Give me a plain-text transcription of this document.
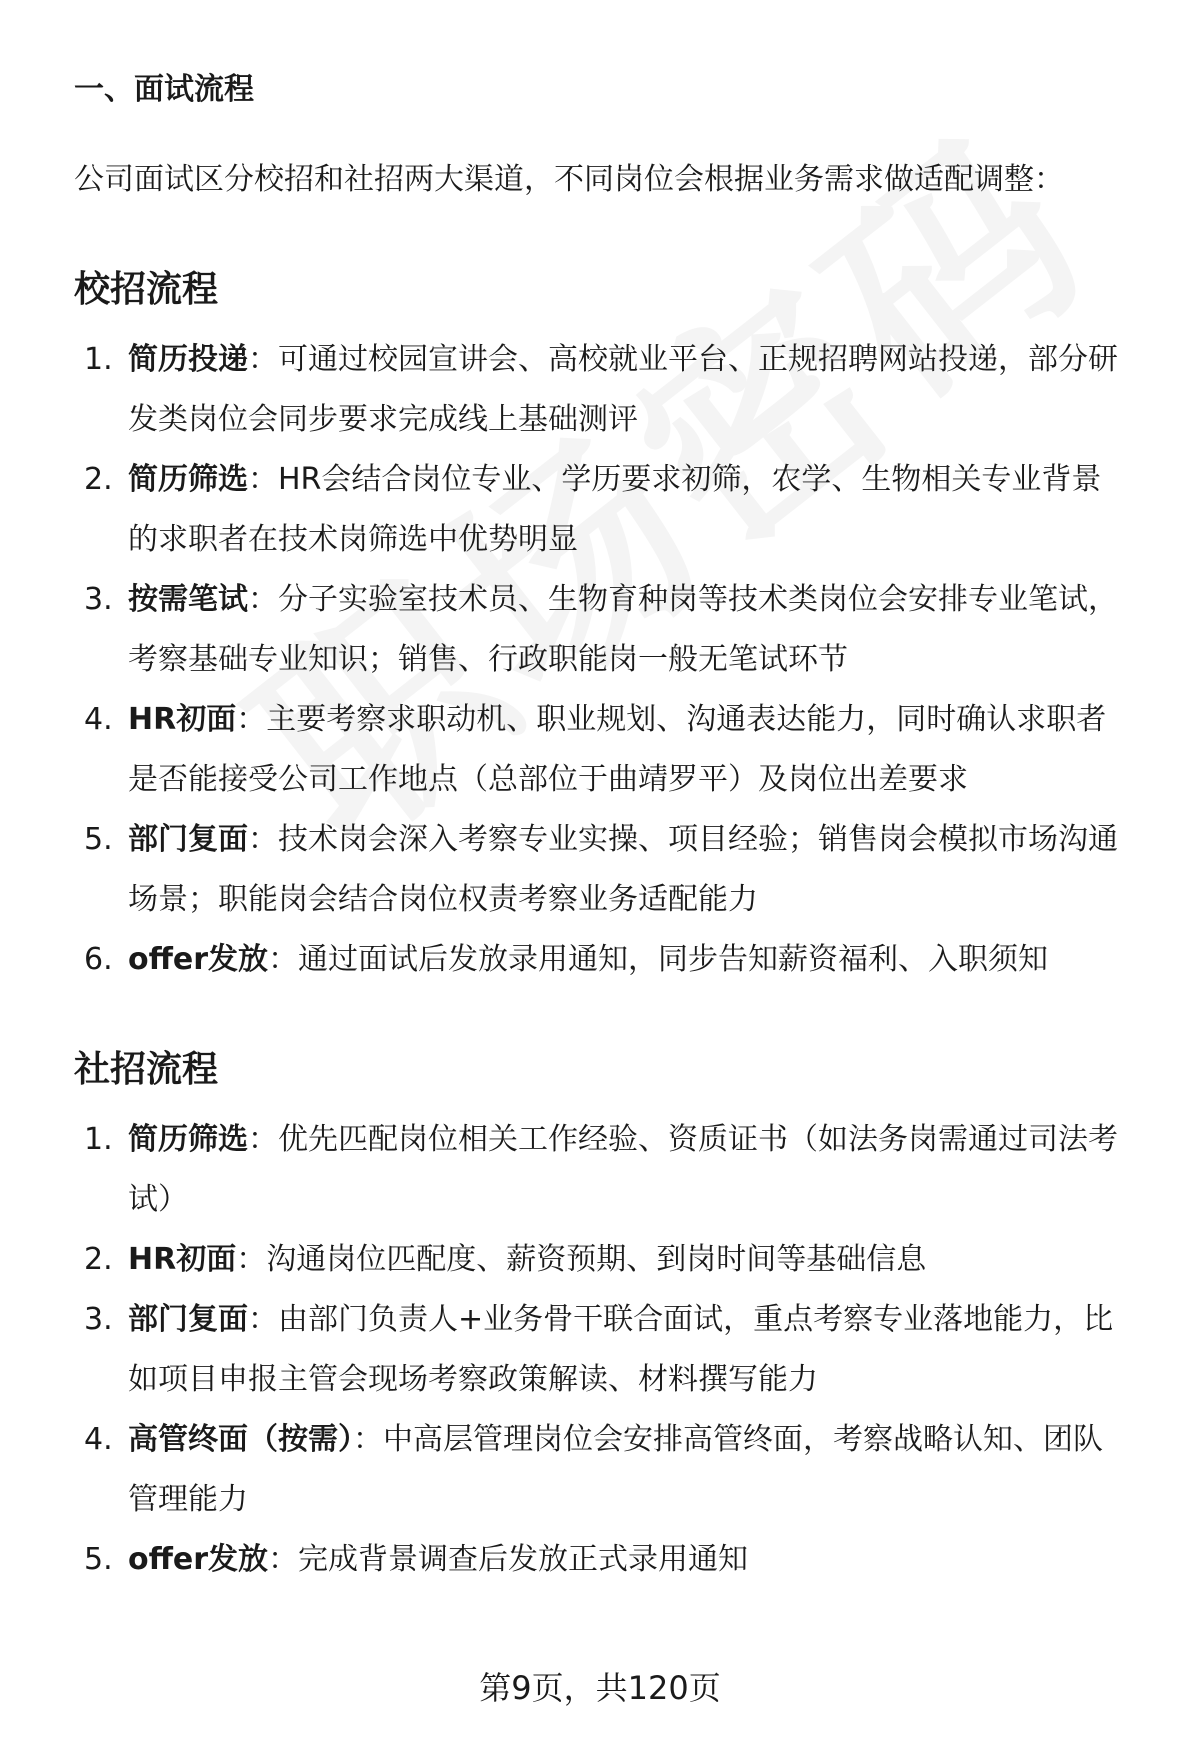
一、面试流程

公司面试区分校招和社招两大渠道，不同岗位会根据业务需求做适配调整：

校招流程
1. 简历投递：可通过校园宣讲会、高校就业平台、正规招聘网站投递，部分研发类岗位会同步要求完成线上基础测评
2. 简历筛选：HR会结合岗位专业、学历要求初筛，农学、生物相关专业背景的求职者在技术岗筛选中优势明显
3. 按需笔试：分子实验室技术员、生物育种岗等技术类岗位会安排专业笔试，考察基础专业知识；销售、行政职能岗一般无笔试环节
4. HR初面：主要考察求职动机、职业规划、沟通表达能力，同时确认求职者是否能接受公司工作地点（总部位于曲靖罗平）及岗位出差要求
5. 部门复面：技术岗会深入考察专业实操、项目经验；销售岗会模拟市场沟通场景；职能岗会结合岗位权责考察业务适配能力
6. offer发放：通过面试后发放录用通知，同步告知薪资福利、入职须知
社招流程
1. 简历筛选：优先匹配岗位相关工作经验、资质证书（如法务岗需通过司法考试）
2. HR初面：沟通岗位匹配度、薪资预期、到岗时间等基础信息
3. 部门复面：由部门负责人+业务骨干联合面试，重点考察专业落地能力，比如项目申报主管会现场考察政策解读、材料撰写能力
4. 高管终面（按需）：中高层管理岗位会安排高管终面，考察战略认知、团队管理能力
5. offer发放：完成背景调查后发放正式录用通知
第9页，共120页
